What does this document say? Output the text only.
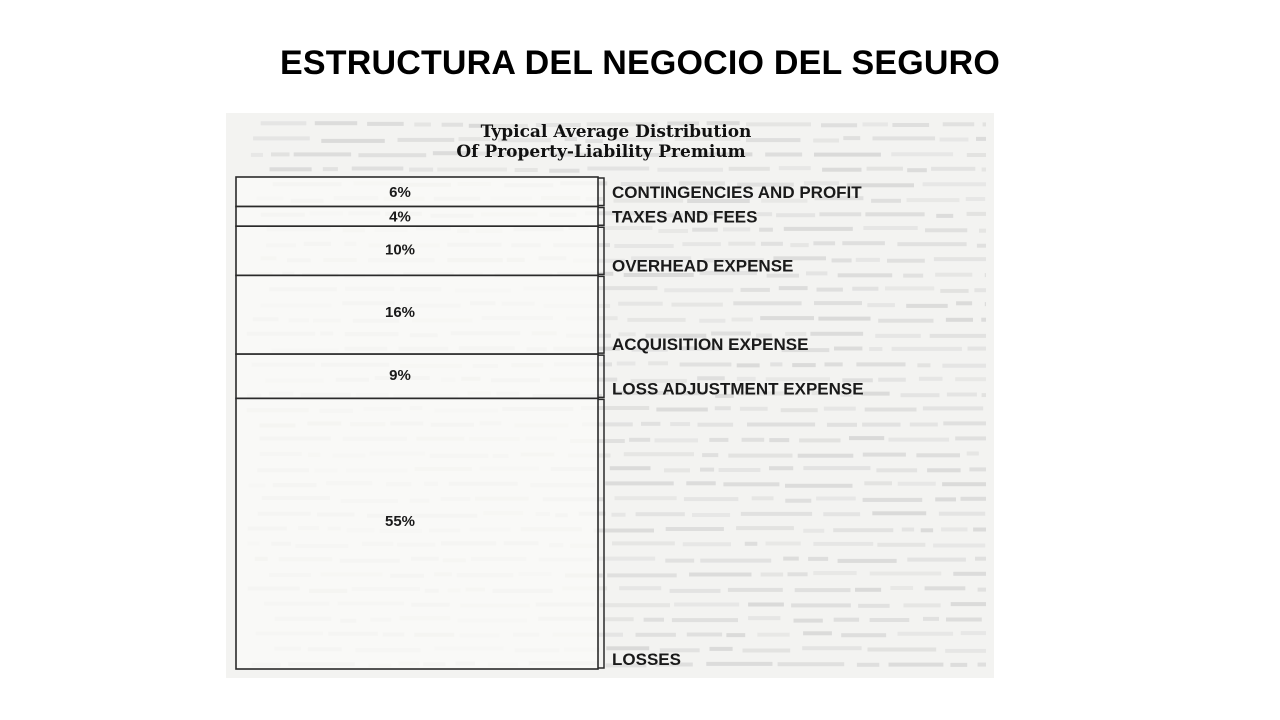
ESTRUCTURA DEL NEGOCIO DEL SEGURO
Typical Average Distribution
Of Property-Liability Premium
6%
4%
10%
16%
9%
55%
CONTINGENCIES AND PROFIT
TAXES AND FEES
OVERHEAD EXPENSE
ACQUISITION EXPENSE
LOSS ADJUSTMENT EXPENSE
LOSSES
